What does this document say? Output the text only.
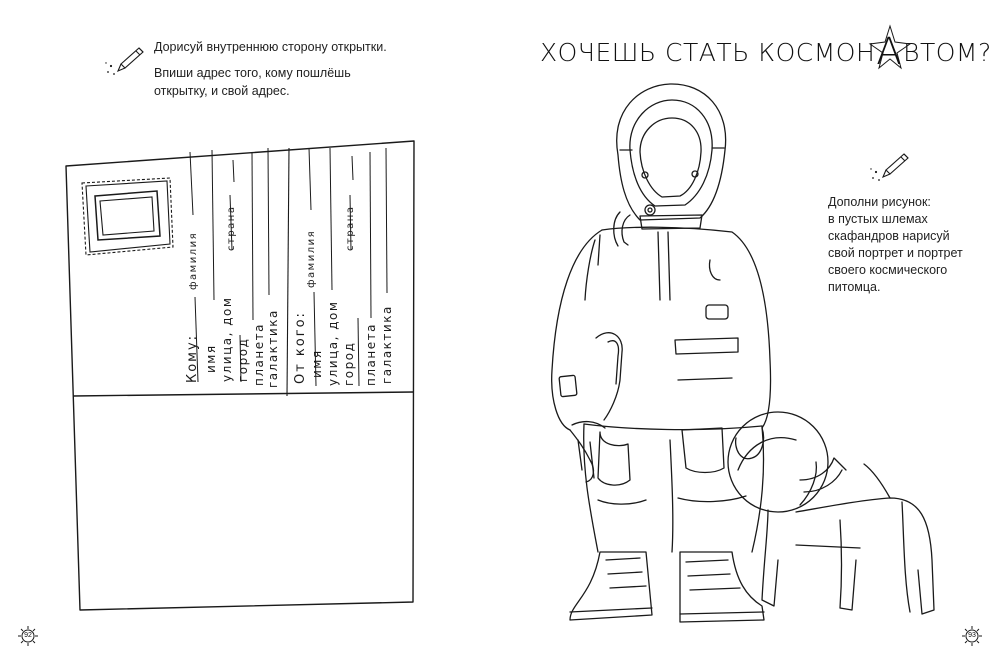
Дорисуй внутреннюю сторону открытки.
Впиши адрес того, кому пошлёшь
открытку, и свой адрес.
Кому: имя
фамилия
улица, дом город
страна
планета галактика От кого: имя
фамилия
улица, дом город
страна
планета галактика
92
ХОЧЕШЬ СТАТЬ КОСМОН
АВТОМ?
Дополни рисунок:
в пустых шлемах
скафандров нарисуй
свой портрет и портрет
своего космического
питомца.
93
